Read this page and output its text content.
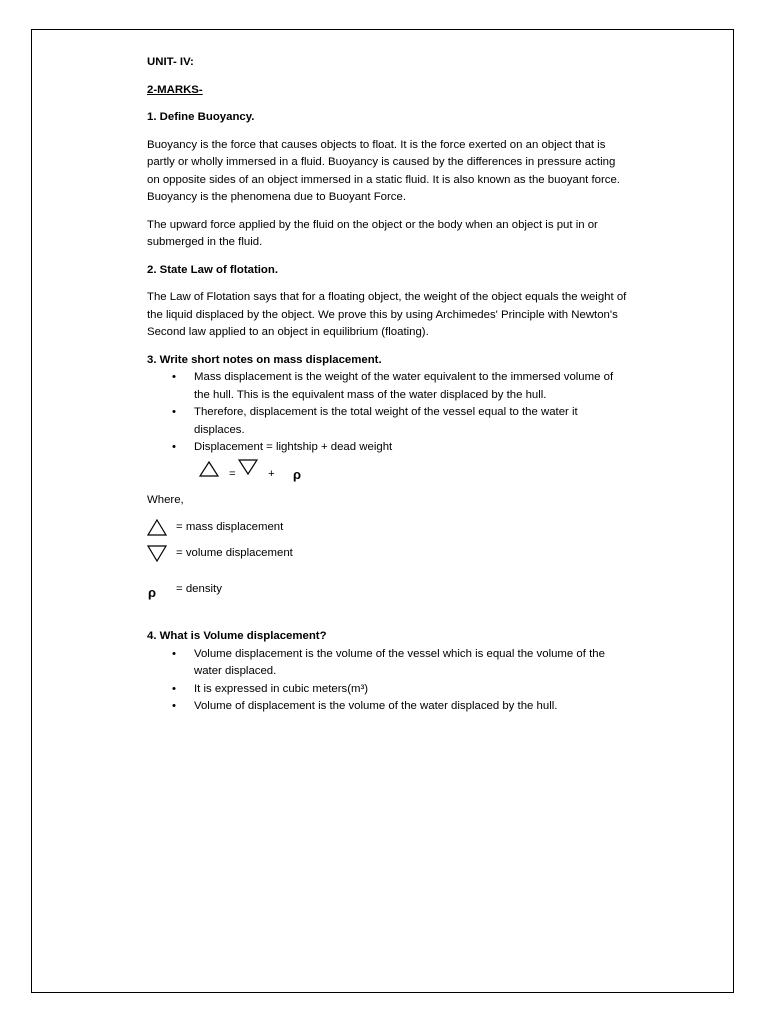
UNIT- IV:

2-MARKS-

1. Define Buoyancy.

Buoyancy is the force that causes objects to float. It is the force exerted on an object that is partly or wholly immersed in a fluid. Buoyancy is caused by the differences in pressure acting on opposite sides of an object immersed in a static fluid. It is also known as the buoyant force. Buoyancy is the phenomena due to Buoyant Force.

The upward force applied by the fluid on the object or the body when an object is put in or submerged in the fluid.

2. State Law of flotation.

The Law of Flotation says that for a floating object, the weight of the object equals the weight of the liquid displaced by the object. We prove this by using Archimedes' Principle with Newton's Second law applied to an object in equilibrium (floating).

3. Write short notes on mass displacement.

• Mass displacement is the weight of the water equivalent to the immersed volume of the hull. This is the equivalent mass of the water displaced by the hull.
• Therefore, displacement is the total weight of the vessel equal to the water it displaces.
• Displacement = lightship + dead weight
=	+ ρ

Where,

= mass displacement
= volume displacement
ρ = density

4. What is Volume displacement?

• Volume displacement is the volume of the vessel which is equal the volume of the water displaced.
• It is expressed in cubic meters(m³)
• Volume of displacement is the volume of the water displaced by the hull.
